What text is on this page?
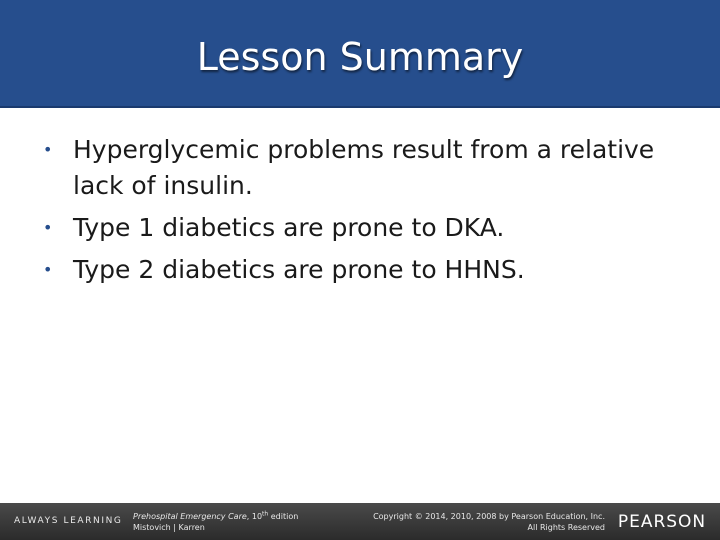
Lesson Summary
• Hyperglycemic problems result from a relative lack of insulin.
• Type 1 diabetics are prone to DKA.
• Type 2 diabetics are prone to HHNS.
ALWAYS LEARNING Prehospital Emergency Care, 10th edition
Mistovich | Karren
Copyright © 2014, 2010, 2008 by Pearson Education, Inc.
All Rights Reserved PEARSON
